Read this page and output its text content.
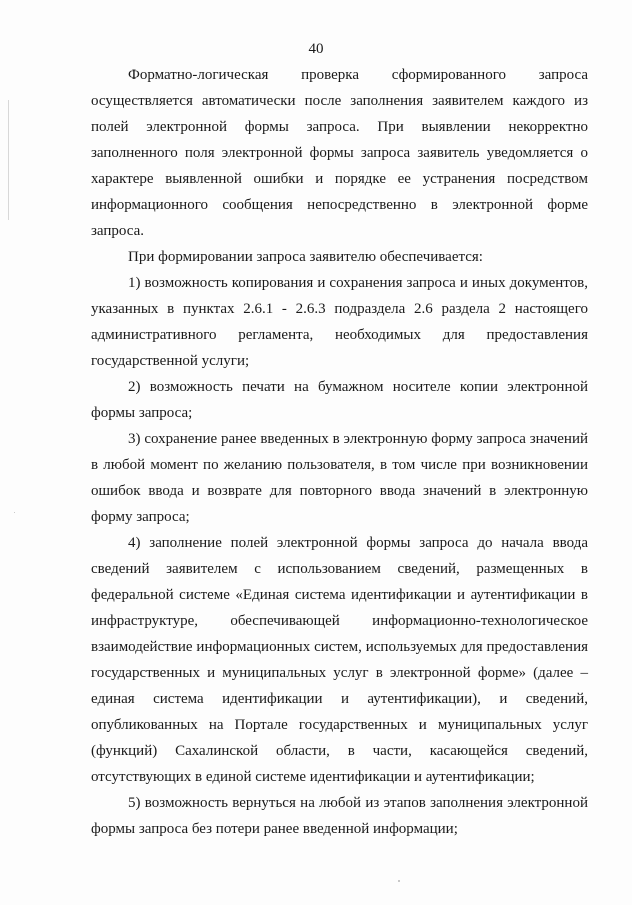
40

Форматно-логическая проверка сформированного запроса осуществляется автоматически после заполнения заявителем каждого из полей электронной формы запроса. При выявлении некорректно заполненного поля электронной формы запроса заявитель уведомляется о характере выявленной ошибки и порядке ее устранения посредством информационного сообщения непосредственно в электронной форме запроса.

При формировании запроса заявителю обеспечивается:

1) возможность копирования и сохранения запроса и иных документов, указанных в пунктах 2.6.1 - 2.6.3 подраздела 2.6 раздела 2 настоящего административного регламента, необходимых для предоставления государственной услуги;

2) возможность печати на бумажном носителе копии электронной формы запроса;

3) сохранение ранее введенных в электронную форму запроса значений в любой момент по желанию пользователя, в том числе при возникновении ошибок ввода и возврате для повторного ввода значений в электронную форму запроса;

4) заполнение полей электронной формы запроса до начала ввода сведений заявителем с использованием сведений, размещенных в федеральной системе «Единая система идентификации и аутентификации в инфраструктуре, обеспечивающей информационно-технологическое взаимодействие информационных систем, используемых для предоставления государственных и муниципальных услуг в электронной форме» (далее – единая система идентификации и аутентификации), и сведений, опубликованных на Портале государственных и муниципальных услуг (функций) Сахалинской области, в части, касающейся сведений, отсутствующих в единой системе идентификации и аутентификации;

5) возможность вернуться на любой из этапов заполнения электронной формы запроса без потери ранее введенной информации;
